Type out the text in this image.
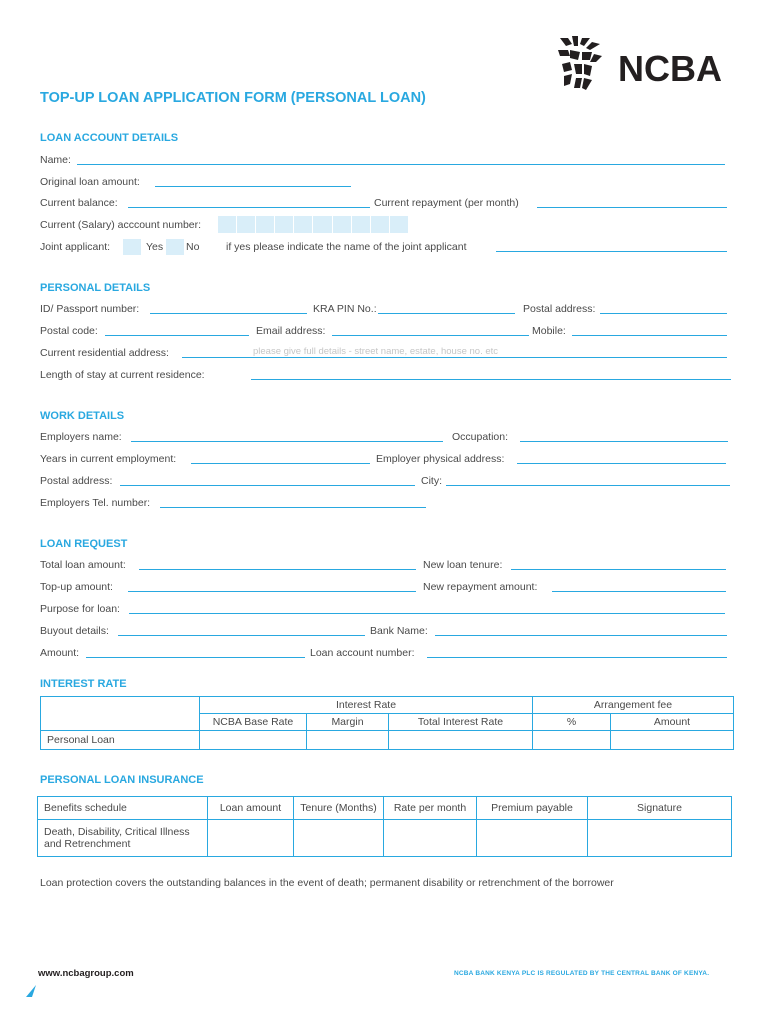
NCBA
TOP-UP LOAN APPLICATION FORM (PERSONAL LOAN)
LOAN ACCOUNT DETAILS
Name:
Original loan amount:
Current balance:	Current repayment (per month)
Current (Salary) acccount number:
Joint applicant:	Yes No	if yes please indicate the name of the joint applicant
PERSONAL DETAILS
ID/ Passport number:	KRA PIN No.:	Postal address:
Postal code:	Email address:	Mobile:
Current residential address:	please give full details - street name, estate, house no. etc
Length of stay at current residence:
WORK DETAILS
Employers name:	Occupation:
Years in current employment:	Employer physical address:
Postal address:	City:
Employers Tel. number:
LOAN REQUEST
Total loan amount:	New loan tenure:
Top-up amount:	New repayment amount:
Purpose for loan:
Buyout details:	Bank Name:
Amount:	Loan account number:
INTEREST RATE
	Interest Rate			Arrangement fee	
	NCBA Base Rate	Margin	Total Interest Rate	%	Amount
Personal Loan					
PERSONAL LOAN INSURANCE
Benefits schedule	Loan amount	Tenure (Months)	Rate per month	Premium payable	Signature
Death, Disability, Critical Illness and Retrenchment					
Loan protection covers the outstanding balances in the event of death; permanent disability or retrenchment of the borrower
www.ncbagroup.com	NCBA BANK KENYA PLC IS REGULATED BY THE CENTRAL BANK OF KENYA.
